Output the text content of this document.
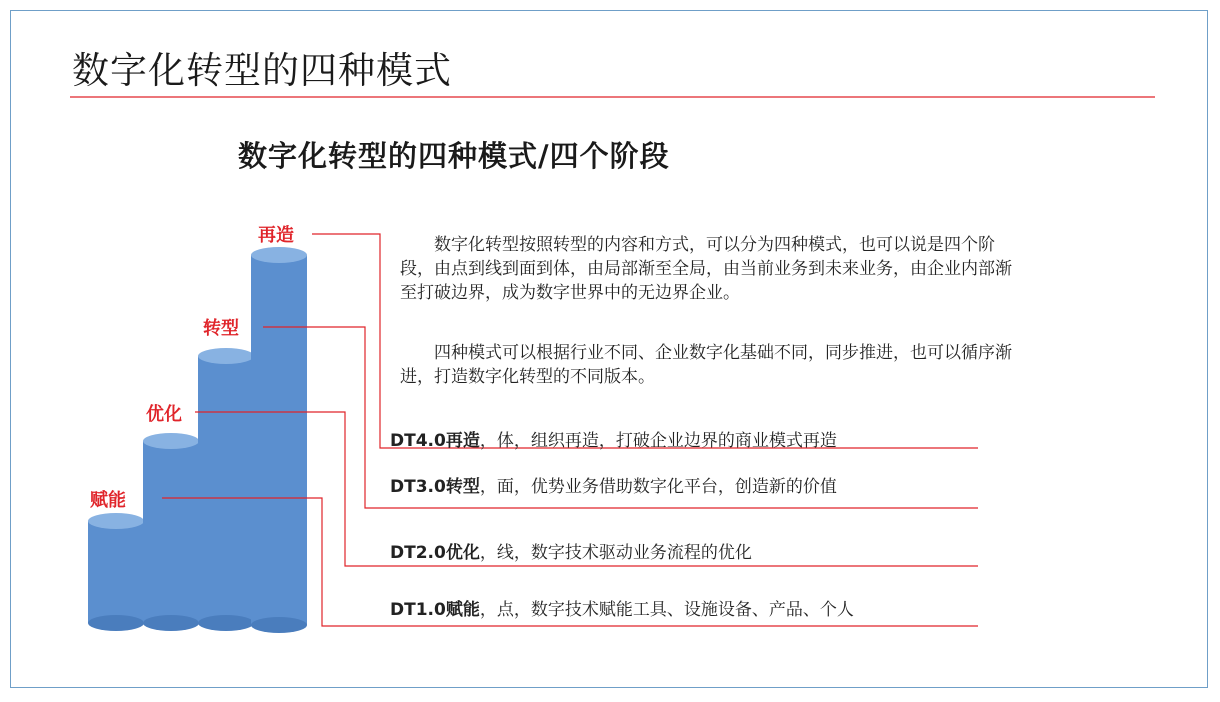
数字化转型的四种模式
数字化转型的四种模式/四个阶段
再造
转型
优化
赋能

数字化转型按照转型的内容和方式，可以分为四种模式，也可以说是四个阶段，由点到线到面到体，由局部渐至全局，由当前业务到未来业务，由企业内部渐至打破边界，成为数字世界中的无边界企业。

四种模式可以根据行业不同、企业数字化基础不同，同步推进，也可以循序渐进，打造数字化转型的不同版本。

DT4.0再造，体，组织再造，打破企业边界的商业模式再造
DT3.0转型，面，优势业务借助数字化平台，创造新的价值
DT2.0优化，线，数字技术驱动业务流程的优化
DT1.0赋能，点，数字技术赋能工具、设施设备、产品、个人
